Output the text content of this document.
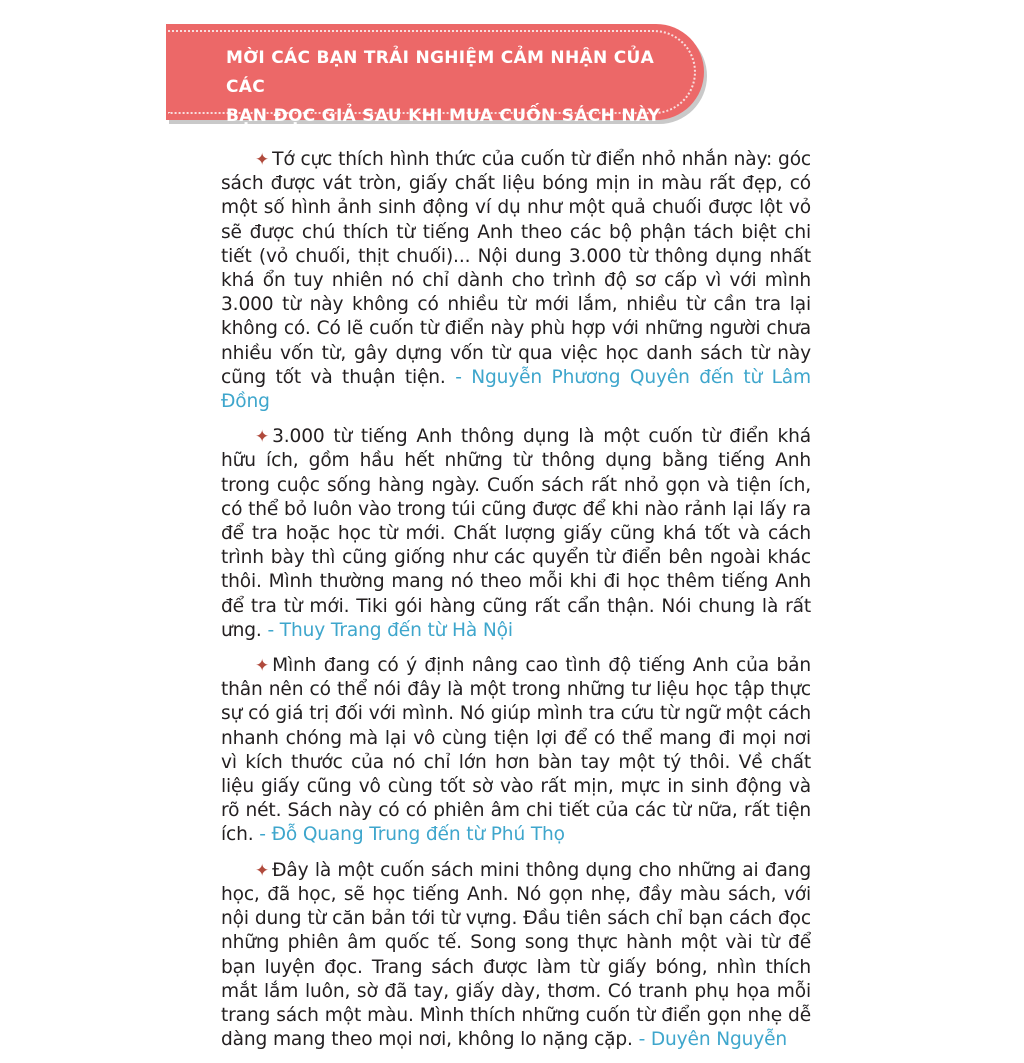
MỜI CÁC BẠN TRẢI NGHIỆM CẢM NHẬN CỦA CÁC
BẠN ĐỌC GIẢ SAU KHI MUA CUỐN SÁCH NÀY

✦ Tớ cực thích hình thức của cuốn từ điển nhỏ nhắn này: góc sách được vát tròn, giấy chất liệu bóng mịn in màu rất đẹp, có một số hình ảnh sinh động ví dụ như một quả chuối được lột vỏ sẽ được chú thích từ tiếng Anh theo các bộ phận tách biệt chi tiết (vỏ chuối, thịt chuối)... Nội dung 3.000 từ thông dụng nhất khá ổn tuy nhiên nó chỉ dành cho trình độ sơ cấp vì với mình 3.000 từ này không có nhiều từ mới lắm, nhiều từ cần tra lại không có. Có lẽ cuốn từ điển này phù hợp với những người chưa nhiều vốn từ, gây dựng vốn từ qua việc học danh sách từ này cũng tốt và thuận tiện. - Nguyễn Phương Quyên đến từ Lâm Đồng

✦ 3.000 từ tiếng Anh thông dụng là một cuốn từ điển khá hữu ích, gồm hầu hết những từ thông dụng bằng tiếng Anh trong cuộc sống hàng ngày. Cuốn sách rất nhỏ gọn và tiện ích, có thể bỏ luôn vào trong túi cũng được để khi nào rảnh lại lấy ra để tra hoặc học từ mới. Chất lượng giấy cũng khá tốt và cách trình bày thì cũng giống như các quyển từ điển bên ngoài khác thôi. Mình thường mang nó theo mỗi khi đi học thêm tiếng Anh để tra từ mới. Tiki gói hàng cũng rất cẩn thận. Nói chung là rất ưng. - Thuy Trang đến từ Hà Nội

✦ Mình đang có ý định nâng cao tình độ tiếng Anh của bản thân nên có thể nói đây là một trong những tư liệu học tập thực sự có giá trị đối với mình. Nó giúp mình tra cứu từ ngữ một cách nhanh chóng mà lại vô cùng tiện lợi để có thể mang đi mọi nơi vì kích thước của nó chỉ lớn hơn bàn tay một tý thôi. Về chất liệu giấy cũng vô cùng tốt sờ vào rất mịn, mực in sinh động và rõ nét. Sách này có có phiên âm chi tiết của các từ nữa, rất tiện ích. - Đỗ Quang Trung đến từ Phú Thọ

✦ Đây là một cuốn sách mini thông dụng cho những ai đang học, đã học, sẽ học tiếng Anh. Nó gọn nhẹ, đầy màu sách, với nội dung từ căn bản tới từ vựng. Đầu tiên sách chỉ bạn cách đọc những phiên âm quốc tế. Song song thực hành một vài từ để bạn luyện đọc. Trang sách được làm từ giấy bóng, nhìn thích mắt lắm luôn, sờ đã tay, giấy dày, thơm. Có tranh phụ họa mỗi trang sách một màu. Mình thích những cuốn từ điển gọn nhẹ dễ dàng mang theo mọi nơi, không lo nặng cặp. - Duyên Nguyễn
